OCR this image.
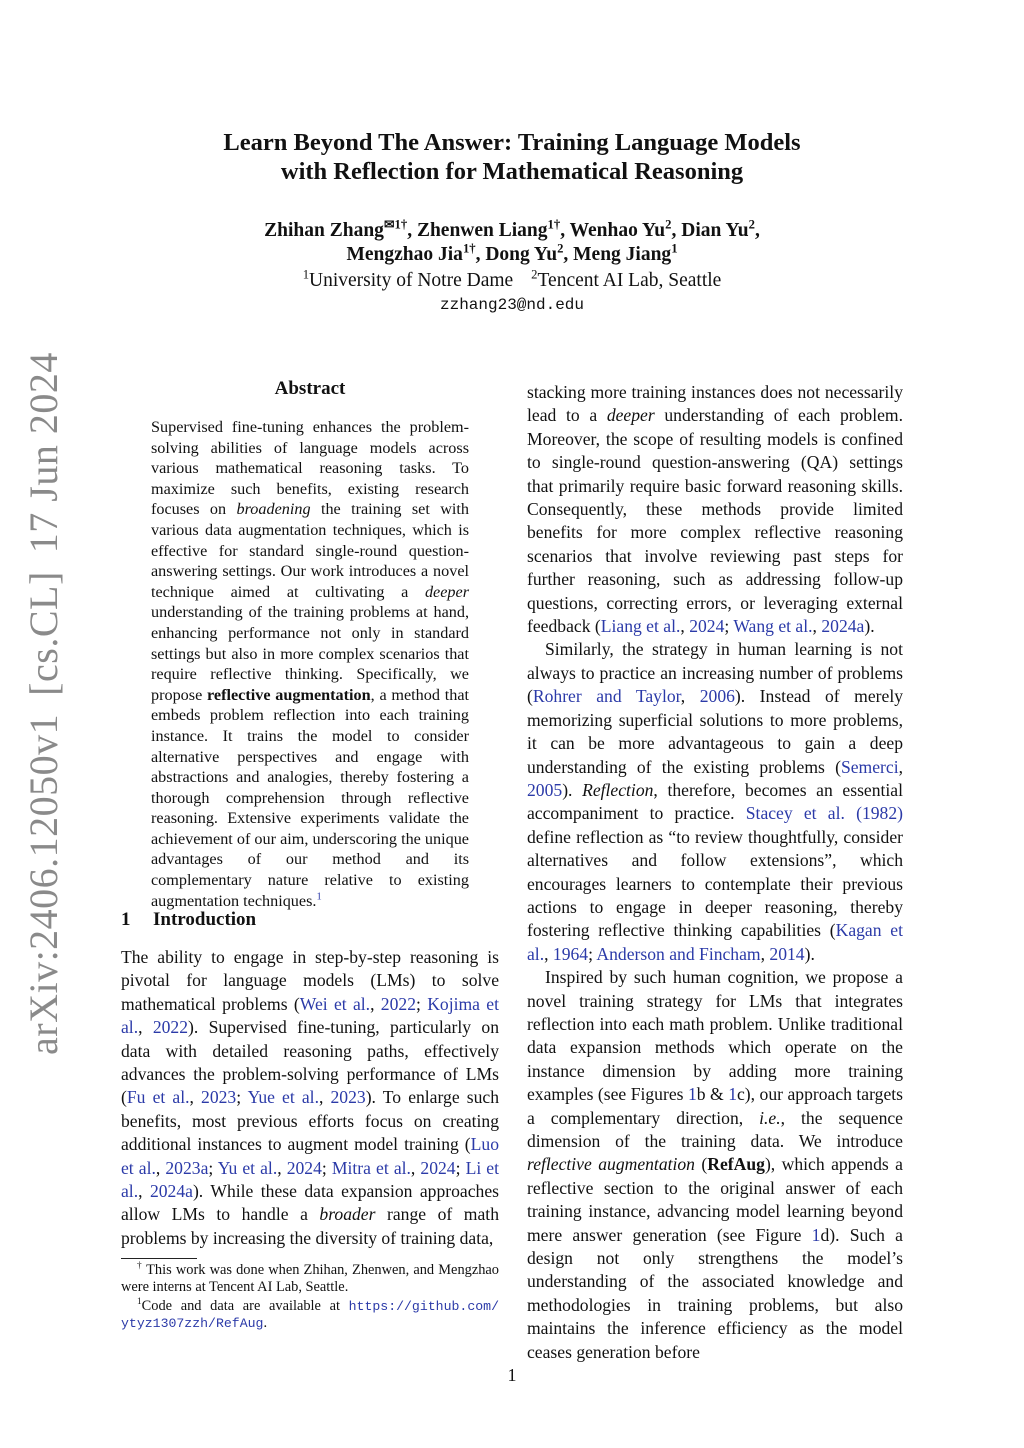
arXiv:2406.12050v1
[cs.CL]
17 Jun 2024
Learn Beyond The Answer: Training Language Models
with Reflection for Mathematical Reasoning
Zhihan Zhang$^{✉1\dagger}$, Zhenwen Liang$^{1\dagger}$, Wenhao Yu$^2$, Dian Yu$^2$,
Mengzhao Jia$^{1\dagger}$, Dong Yu$^2$, Meng Jiang$^1$
$^1$University of Notre Dame $^2$Tencent AI Lab, Seattle
zzhang23@nd.edu
Abstract
Supervised fine-tuning enhances the problem-solving abilities of language models across various mathematical reasoning tasks. To maximize such benefits, existing research focuses on broadening the training set with various data augmentation techniques, which is effective for standard single-round question-answering settings. Our work introduces a novel technique aimed at cultivating a deeper understanding of the training problems at hand, enhancing performance not only in standard settings but also in more complex scenarios that require reflective thinking. Specifically, we propose reflective augmentation, a method that embeds problem reflection into each training instance. It trains the model to consider alternative perspectives and engage with abstractions and analogies, thereby fostering a thorough comprehension through reflective reasoning. Extensive experiments validate the achievement of our aim, underscoring the unique advantages of our method and its complementary nature relative to existing augmentation techniques.$^1$
1 Introduction

The ability to engage in step-by-step reasoning is pivotal for language models (LMs) to solve mathematical problems (Wei et al., 2022; Kojima et al., 2022). Supervised fine-tuning, particularly on data with detailed reasoning paths, effectively advances the problem-solving performance of LMs (Fu et al., 2023; Yue et al., 2023). To enlarge such benefits, most previous efforts focus on creating additional instances to augment model training (Luo et al., 2023a; Yu et al., 2024; Mitra et al., 2024; Li et al., 2024a). While these data expansion approaches allow LMs to handle a broader range of math problems by increasing the diversity of training data,

† This work was done when Zhihan, Zhenwen, and Mengzhao were interns at Tencent AI Lab, Seattle.

$^1$Code and data are available at https://github.com/ ytyz1307zzh/RefAug.

stacking more training instances does not necessarily lead to a deeper understanding of each problem. Moreover, the scope of resulting models is confined to single-round question-answering (QA) settings that primarily require basic forward reasoning skills. Consequently, these methods provide limited benefits for more complex reflective reasoning scenarios that involve reviewing past steps for further reasoning, such as addressing follow-up questions, correcting errors, or leveraging external feedback (Liang et al., 2024; Wang et al., 2024a).

Similarly, the strategy in human learning is not always to practice an increasing number of problems (Rohrer and Taylor, 2006). Instead of merely memorizing superficial solutions to more problems, it can be more advantageous to gain a deep understanding of the existing problems (Semerci, 2005). Reflection, therefore, becomes an essential accompaniment to practice. Stacey et al. (1982) define reflection as “to review thoughtfully, consider alternatives and follow extensions”, which encourages learners to contemplate their previous actions to engage in deeper reasoning, thereby fostering reflective thinking capabilities (Kagan et al., 1964; Anderson and Fincham, 2014).

Inspired by such human cognition, we propose a novel training strategy for LMs that integrates reflection into each math problem. Unlike traditional data expansion methods which operate on the instance dimension by adding more training examples (see Figures 1b & 1c), our approach targets a complementary direction, i.e., the sequence dimension of the training data. We introduce reflective augmentation (RefAug), which appends a reflective section to the original answer of each training instance, advancing model learning beyond mere answer generation (see Figure 1d). Such a design not only strengthens the model’s understanding of the associated knowledge and methodologies in training problems, but also maintains the inference efficiency as the model ceases generation before

1
